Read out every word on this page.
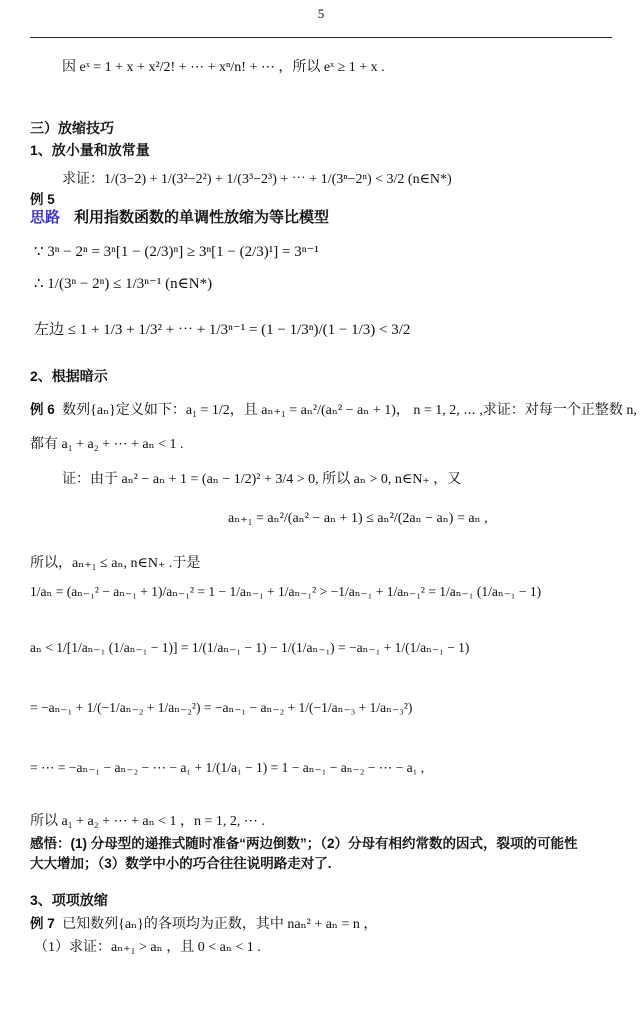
5
因 eˣ = 1 + x + x²/2! + ⋯ + xⁿ/n! + ⋯ ，所以 eˣ ≥ 1 + x .
三）放缩技巧
1、放小量和放常量
求证：1/(3−2) + 1/(3²−2²) + 1/(3³−2³) + ⋯ + 1/(3ⁿ−2ⁿ) < 3/2 (n∈N*)
例 5
思路 利用指数函数的单调性放缩为等比模型
∵ 3ⁿ − 2ⁿ = 3ⁿ[1 − (2/3)ⁿ] ≥ 3ⁿ[1 − (2/3)¹] = 3ⁿ⁻¹
∴ 1/(3ⁿ − 2ⁿ) ≤ 1/3ⁿ⁻¹ (n∈N*)
左边 ≤ 1 + 1/3 + 1/3² + ⋯ + 1/3ⁿ⁻¹ = (1 − 1/3ⁿ)/(1 − 1/3) < 3/2
2、根据暗示
例 6 数列{aₙ}定义如下：a₁ = 1/2，且 aₙ₊₁ = aₙ²/(aₙ² − aₙ + 1)， n = 1, 2, ⋯ ,求证：对每一个正整数 n,
都有 a₁ + a₂ + ⋯ + aₙ < 1 .
证：由于 aₙ² − aₙ + 1 = (aₙ − 1/2)² + 3/4 > 0, 所以 aₙ > 0, n∈N₊ ，又
aₙ₊₁ = aₙ²/(aₙ² − aₙ + 1) ≤ aₙ²/(2aₙ − aₙ) = aₙ ,
所以，aₙ₊₁ ≤ aₙ, n∈N₊ .于是
1/aₙ = (aₙ₋₁² − aₙ₋₁ + 1)/aₙ₋₁² = 1 − 1/aₙ₋₁ + 1/aₙ₋₁² > −1/aₙ₋₁ + 1/aₙ₋₁² = 1/aₙ₋₁ (1/aₙ₋₁ − 1)
aₙ < 1/[1/aₙ₋₁ (1/aₙ₋₁ − 1)] = 1/(1/aₙ₋₁ − 1) − 1/(1/aₙ₋₁) = −aₙ₋₁ + 1/(1/aₙ₋₁ − 1)
= −aₙ₋₁ + 1/(−1/aₙ₋₂ + 1/aₙ₋₂²) = −aₙ₋₁ − aₙ₋₂ + 1/(−1/aₙ₋₃ + 1/aₙ₋₃²)
= ⋯ = −aₙ₋₁ − aₙ₋₂ − ⋯ − a₁ + 1/(1/a₁ − 1) = 1 − aₙ₋₁ − aₙ₋₂ − ⋯ − a₁ ,
所以 a₁ + a₂ + ⋯ + aₙ < 1 ，n = 1, 2, ⋯ .
感悟：(1) 分母型的递推式随时准备“两边倒数”；（2）分母有相约常数的因式，裂项的可能性
大大增加；（3）数学中小的巧合往往说明路走对了.
3、项项放缩
例 7 已知数列{aₙ}的各项均为正数，其中 naₙ² + aₙ = n ，
（1）求证：aₙ₊₁ > aₙ ，且 0 < aₙ < 1 .
